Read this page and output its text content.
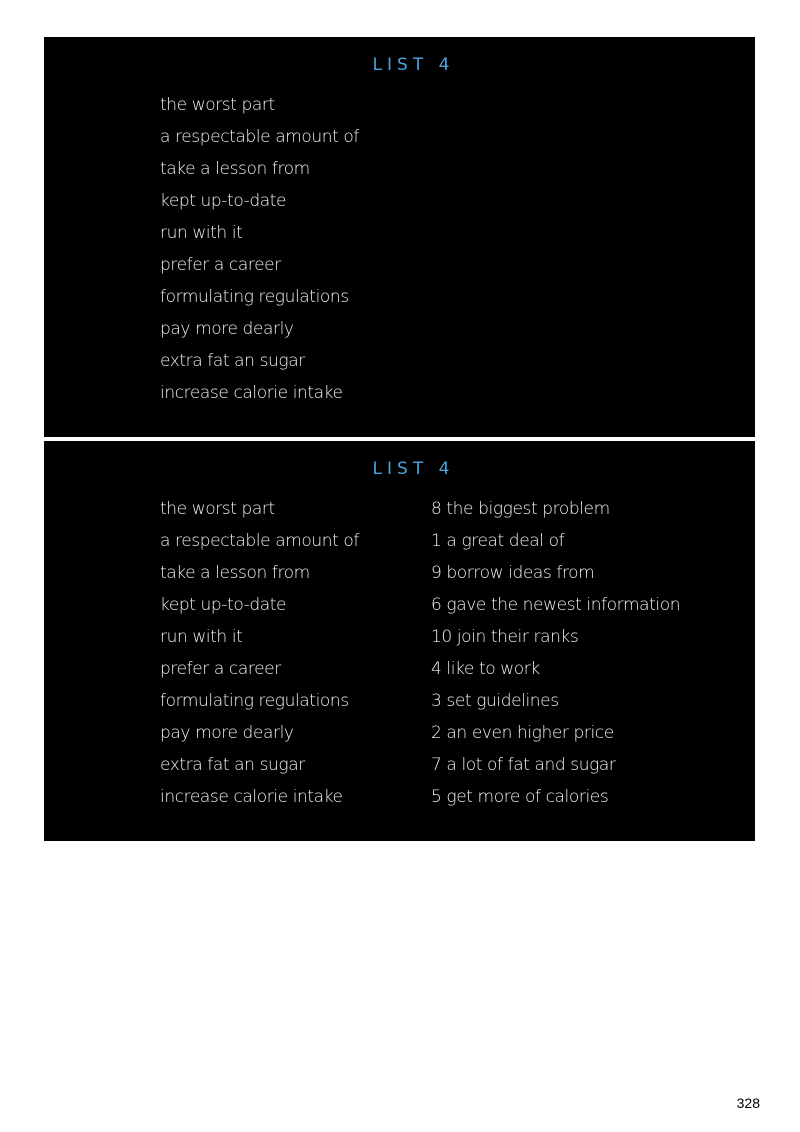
LIST 4
the worst part
a respectable amount of
take a lesson from
kept up-to-date
run with it
prefer a career
formulating regulations
pay more dearly
extra fat an sugar
increase calorie intake
LIST 4
the worst part
a respectable amount of
take a lesson from
kept up-to-date
run with it
prefer a career
formulating regulations
pay more dearly
extra fat an sugar
increase calorie intake
8 the biggest problem
1 a great deal of
9 borrow ideas from
6 gave the newest information
10 join their ranks
4 like to work
3 set guidelines
2 an even higher price
7 a lot of fat and sugar
5 get more of calories
328
